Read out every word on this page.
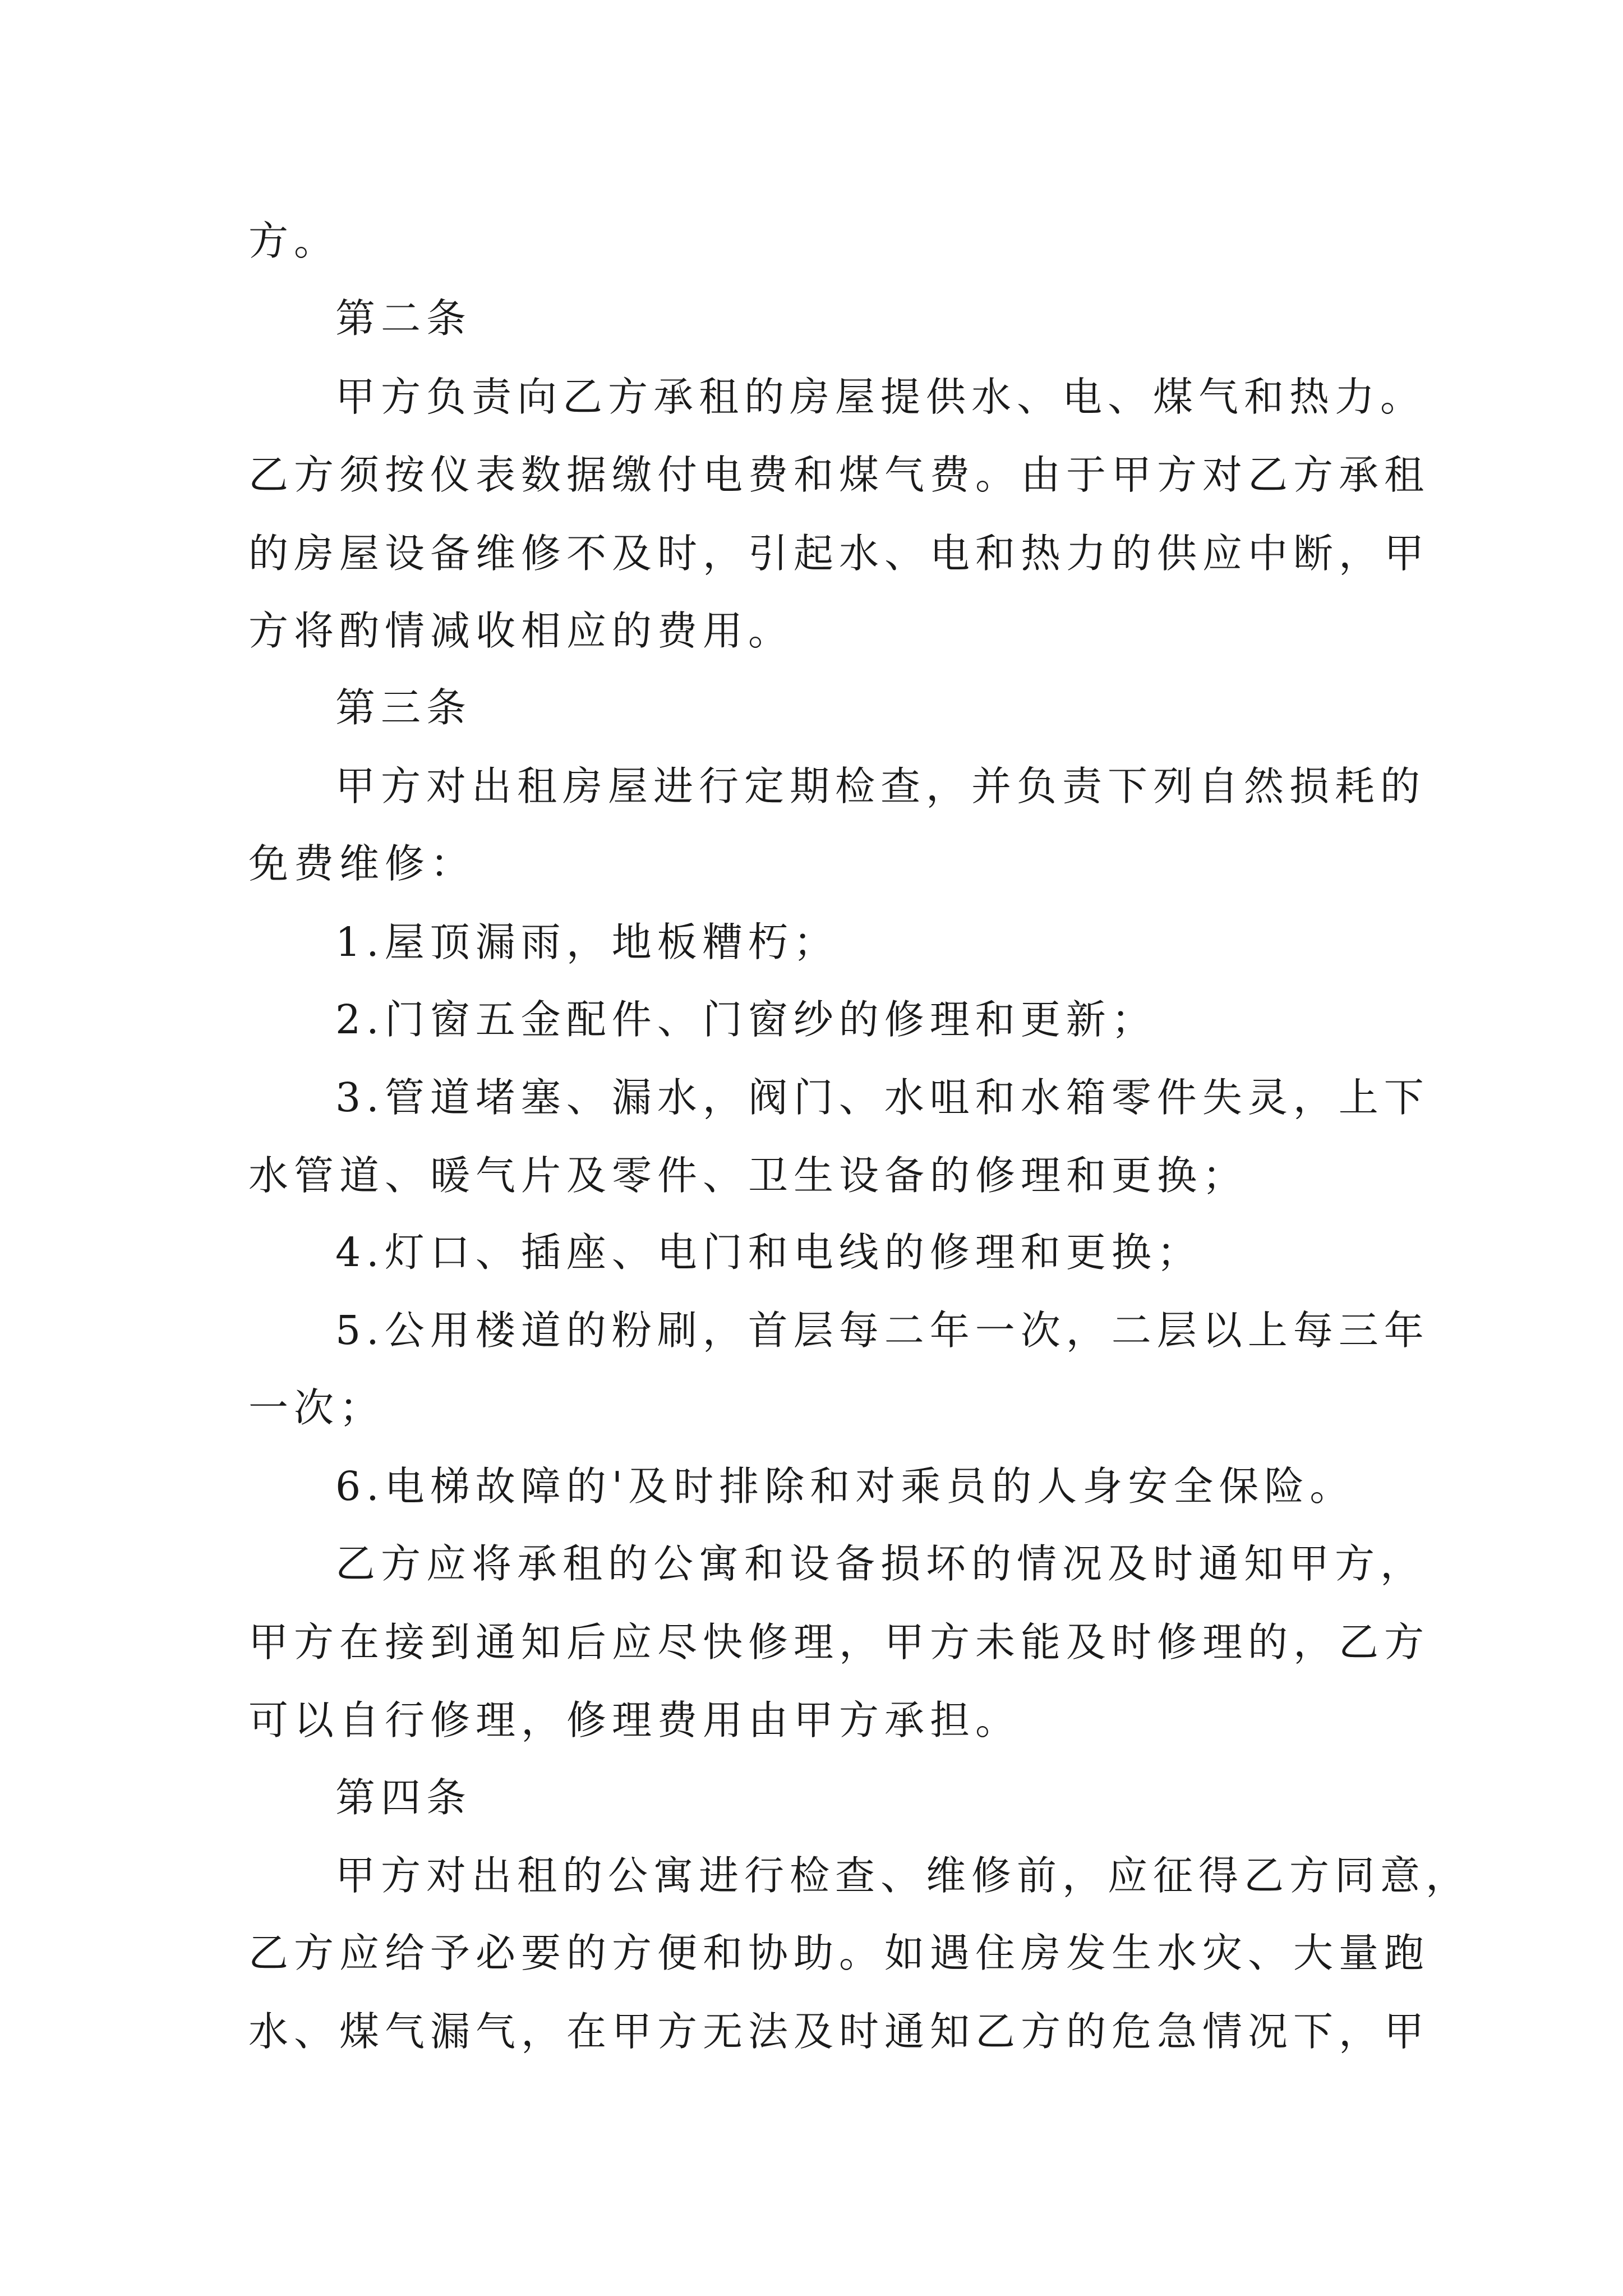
方。
第二条
甲方负责向乙方承租的房屋提供水、电、煤气和热力。
乙方须按仪表数据缴付电费和煤气费。由于甲方对乙方承租
的房屋设备维修不及时，引起水、电和热力的供应中断，甲
方将酌情减收相应的费用。
第三条
甲方对出租房屋进行定期检查，并负责下列自然损耗的
免费维修：
1.屋顶漏雨，地板糟朽；
2.门窗五金配件、门窗纱的修理和更新；
3.管道堵塞、漏水，阀门、水咀和水箱零件失灵，上下
水管道、暖气片及零件、卫生设备的修理和更换；
4.灯口、插座、电门和电线的修理和更换；
5.公用楼道的粉刷，首层每二年一次，二层以上每三年
一次；
6.电梯故障的'及时排除和对乘员的人身安全保险。
乙方应将承租的公寓和设备损坏的情况及时通知甲方，
甲方在接到通知后应尽快修理，甲方未能及时修理的，乙方
可以自行修理，修理费用由甲方承担。
第四条
甲方对出租的公寓进行检查、维修前，应征得乙方同意，
乙方应给予必要的方便和协助。如遇住房发生水灾、大量跑
水、煤气漏气，在甲方无法及时通知乙方的危急情况下，甲
